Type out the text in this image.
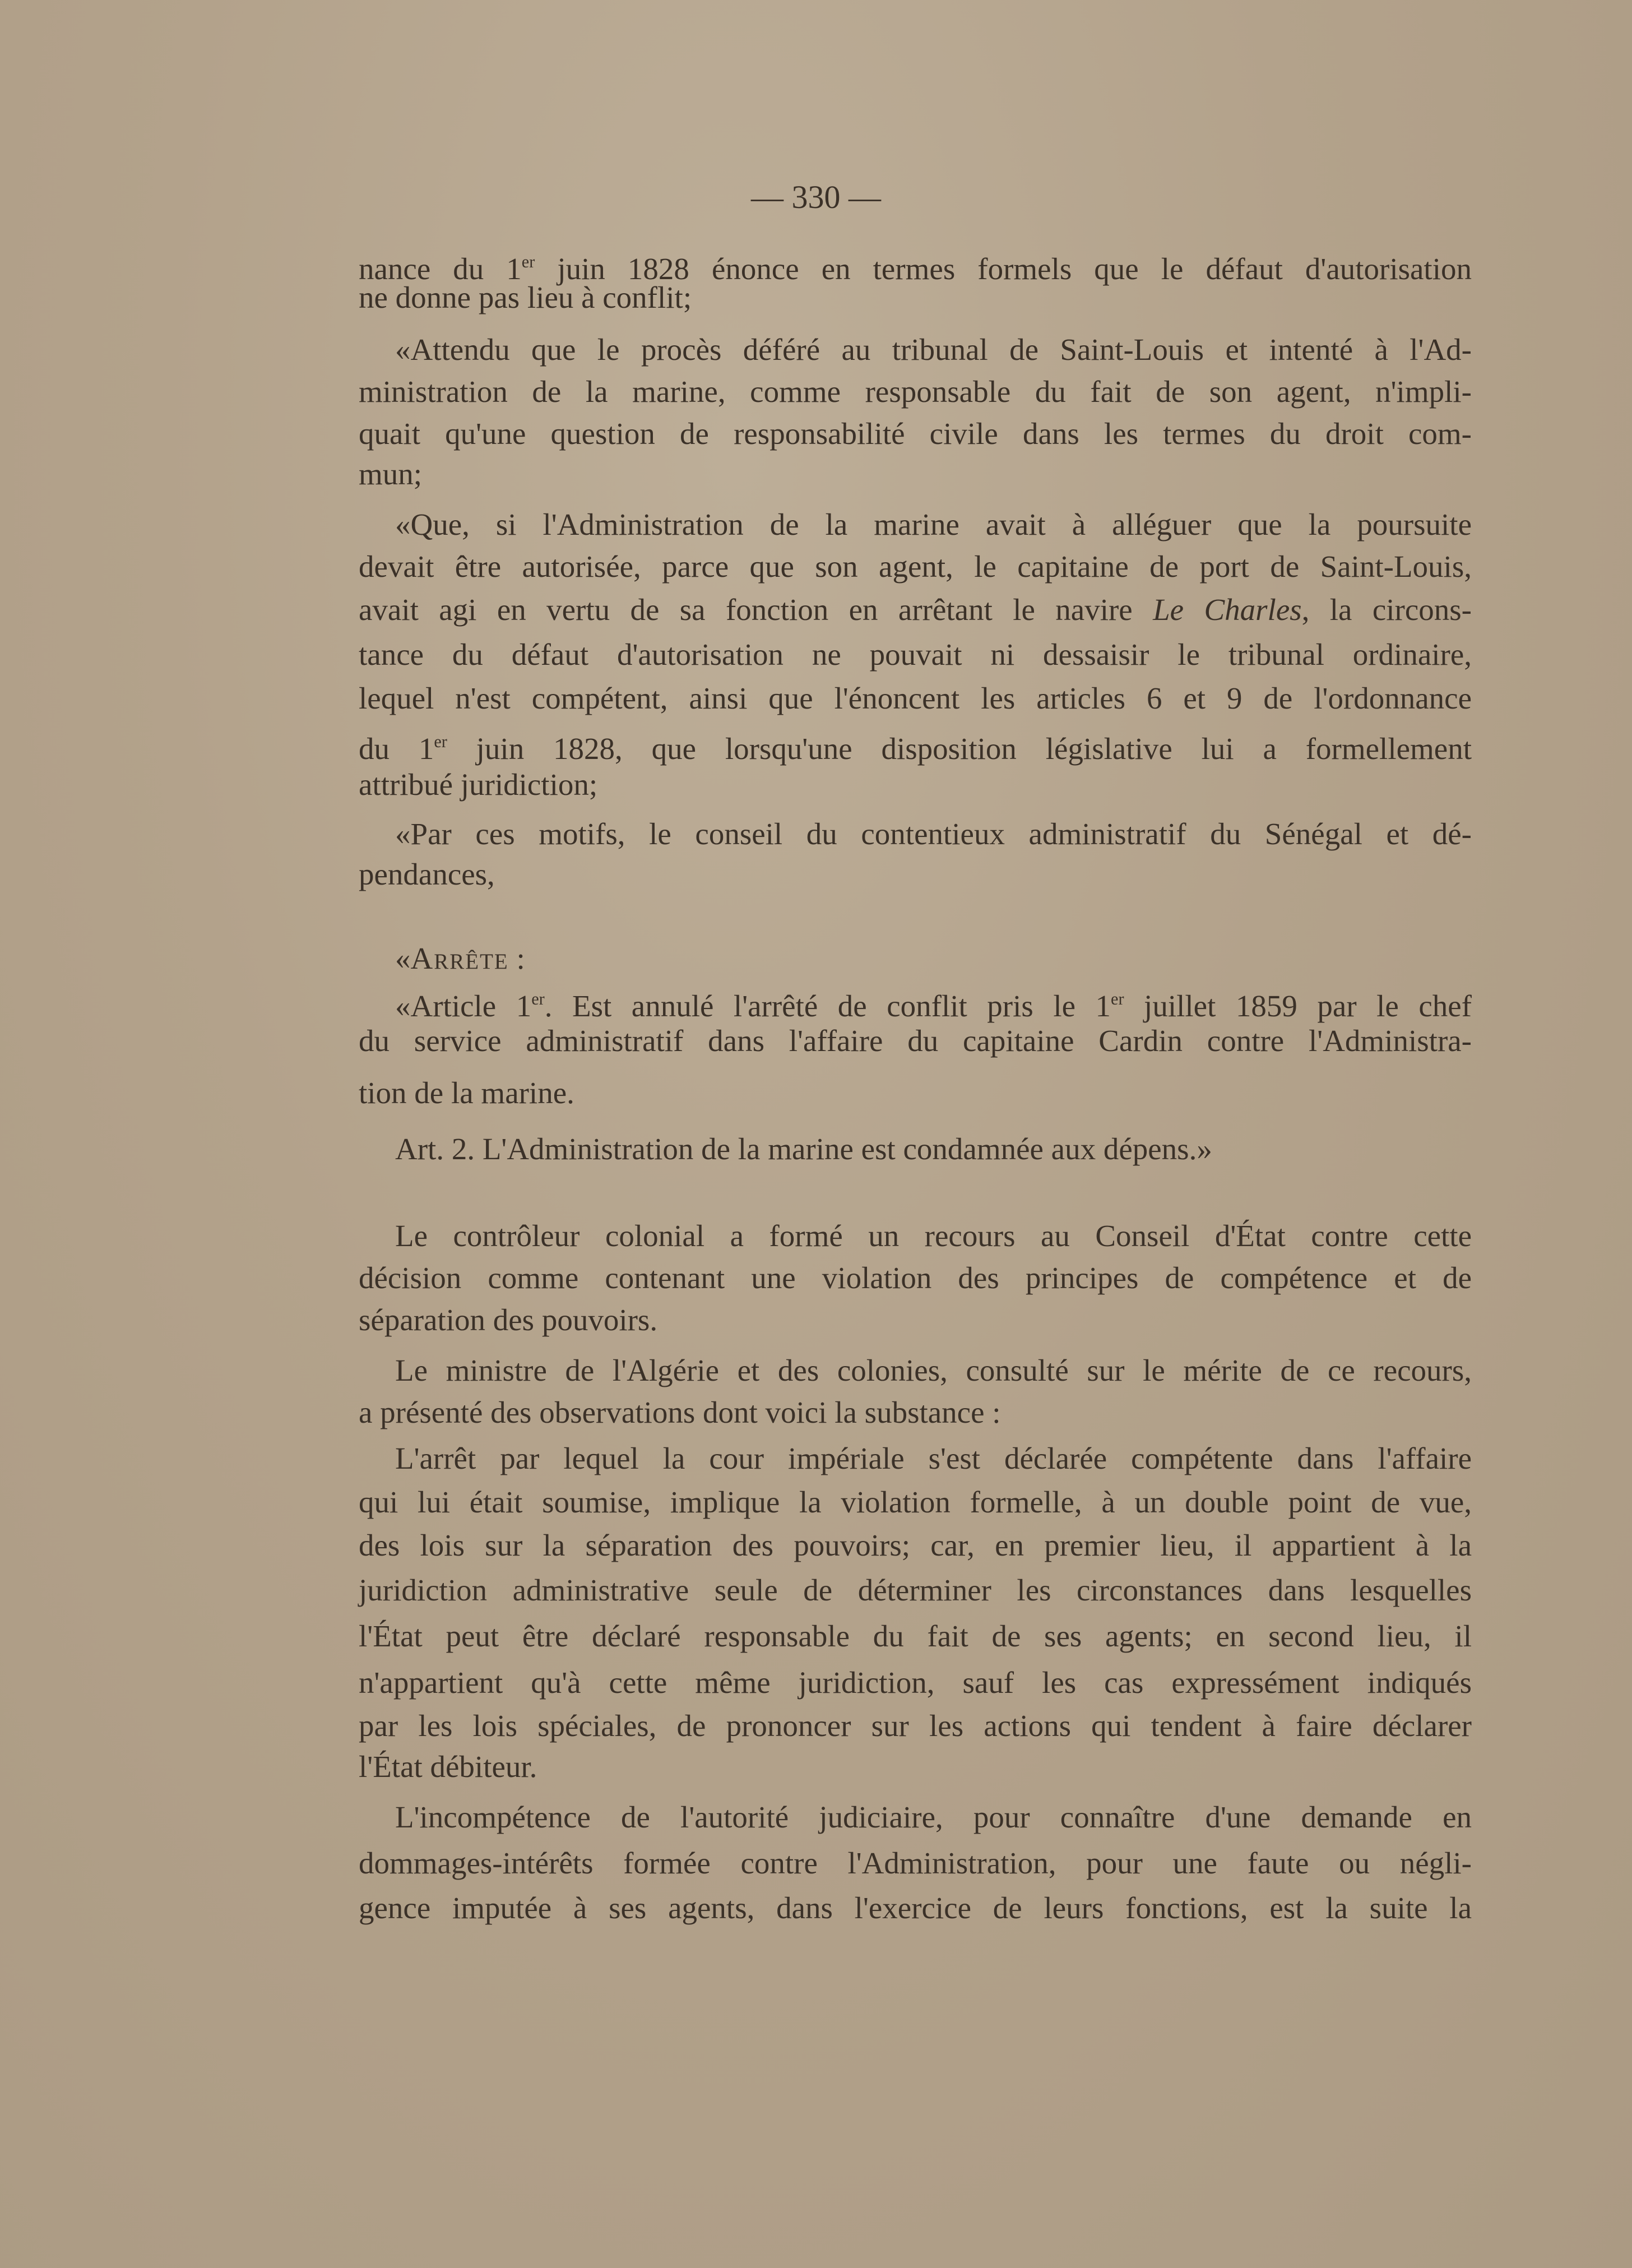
— 330 —
nance du 1er juin 1828 énonce en termes formels que le défaut d'autorisation
ne donne pas lieu à conflit;
«Attendu que le procès déféré au tribunal de Saint-Louis et intenté à l'Ad-
ministration de la marine, comme responsable du fait de son agent, n'impli-
quait qu'une question de responsabilité civile dans les termes du droit com-
mun;
«Que, si l'Administration de la marine avait à alléguer que la poursuite
devait être autorisée, parce que son agent, le capitaine de port de Saint-Louis,
avait agi en vertu de sa fonction en arrêtant le navire Le Charles, la circons-
tance du défaut d'autorisation ne pouvait ni dessaisir le tribunal ordinaire,
lequel n'est compétent, ainsi que l'énoncent les articles 6 et 9 de l'ordonnance
du 1er juin 1828, que lorsqu'une disposition législative lui a formellement
attribué juridiction;
«Par ces motifs, le conseil du contentieux administratif du Sénégal et dé-
pendances,
«Arrête :
«Article 1er. Est annulé l'arrêté de conflit pris le 1er juillet 1859 par le chef
du service administratif dans l'affaire du capitaine Cardin contre l'Administra-
tion de la marine.
Art. 2. L'Administration de la marine est condamnée aux dépens.»
Le contrôleur colonial a formé un recours au Conseil d'État contre cette
décision comme contenant une violation des principes de compétence et de
séparation des pouvoirs.
Le ministre de l'Algérie et des colonies, consulté sur le mérite de ce recours,
a présenté des observations dont voici la substance :
L'arrêt par lequel la cour impériale s'est déclarée compétente dans l'affaire
qui lui était soumise, implique la violation formelle, à un double point de vue,
des lois sur la séparation des pouvoirs; car, en premier lieu, il appartient à la
juridiction administrative seule de déterminer les circonstances dans lesquelles
l'État peut être déclaré responsable du fait de ses agents; en second lieu, il
n'appartient qu'à cette même juridiction, sauf les cas expressément indiqués
par les lois spéciales, de prononcer sur les actions qui tendent à faire déclarer
l'État débiteur.
L'incompétence de l'autorité judiciaire, pour connaître d'une demande en
dommages-intérêts formée contre l'Administration, pour une faute ou négli-
gence imputée à ses agents, dans l'exercice de leurs fonctions, est la suite la
